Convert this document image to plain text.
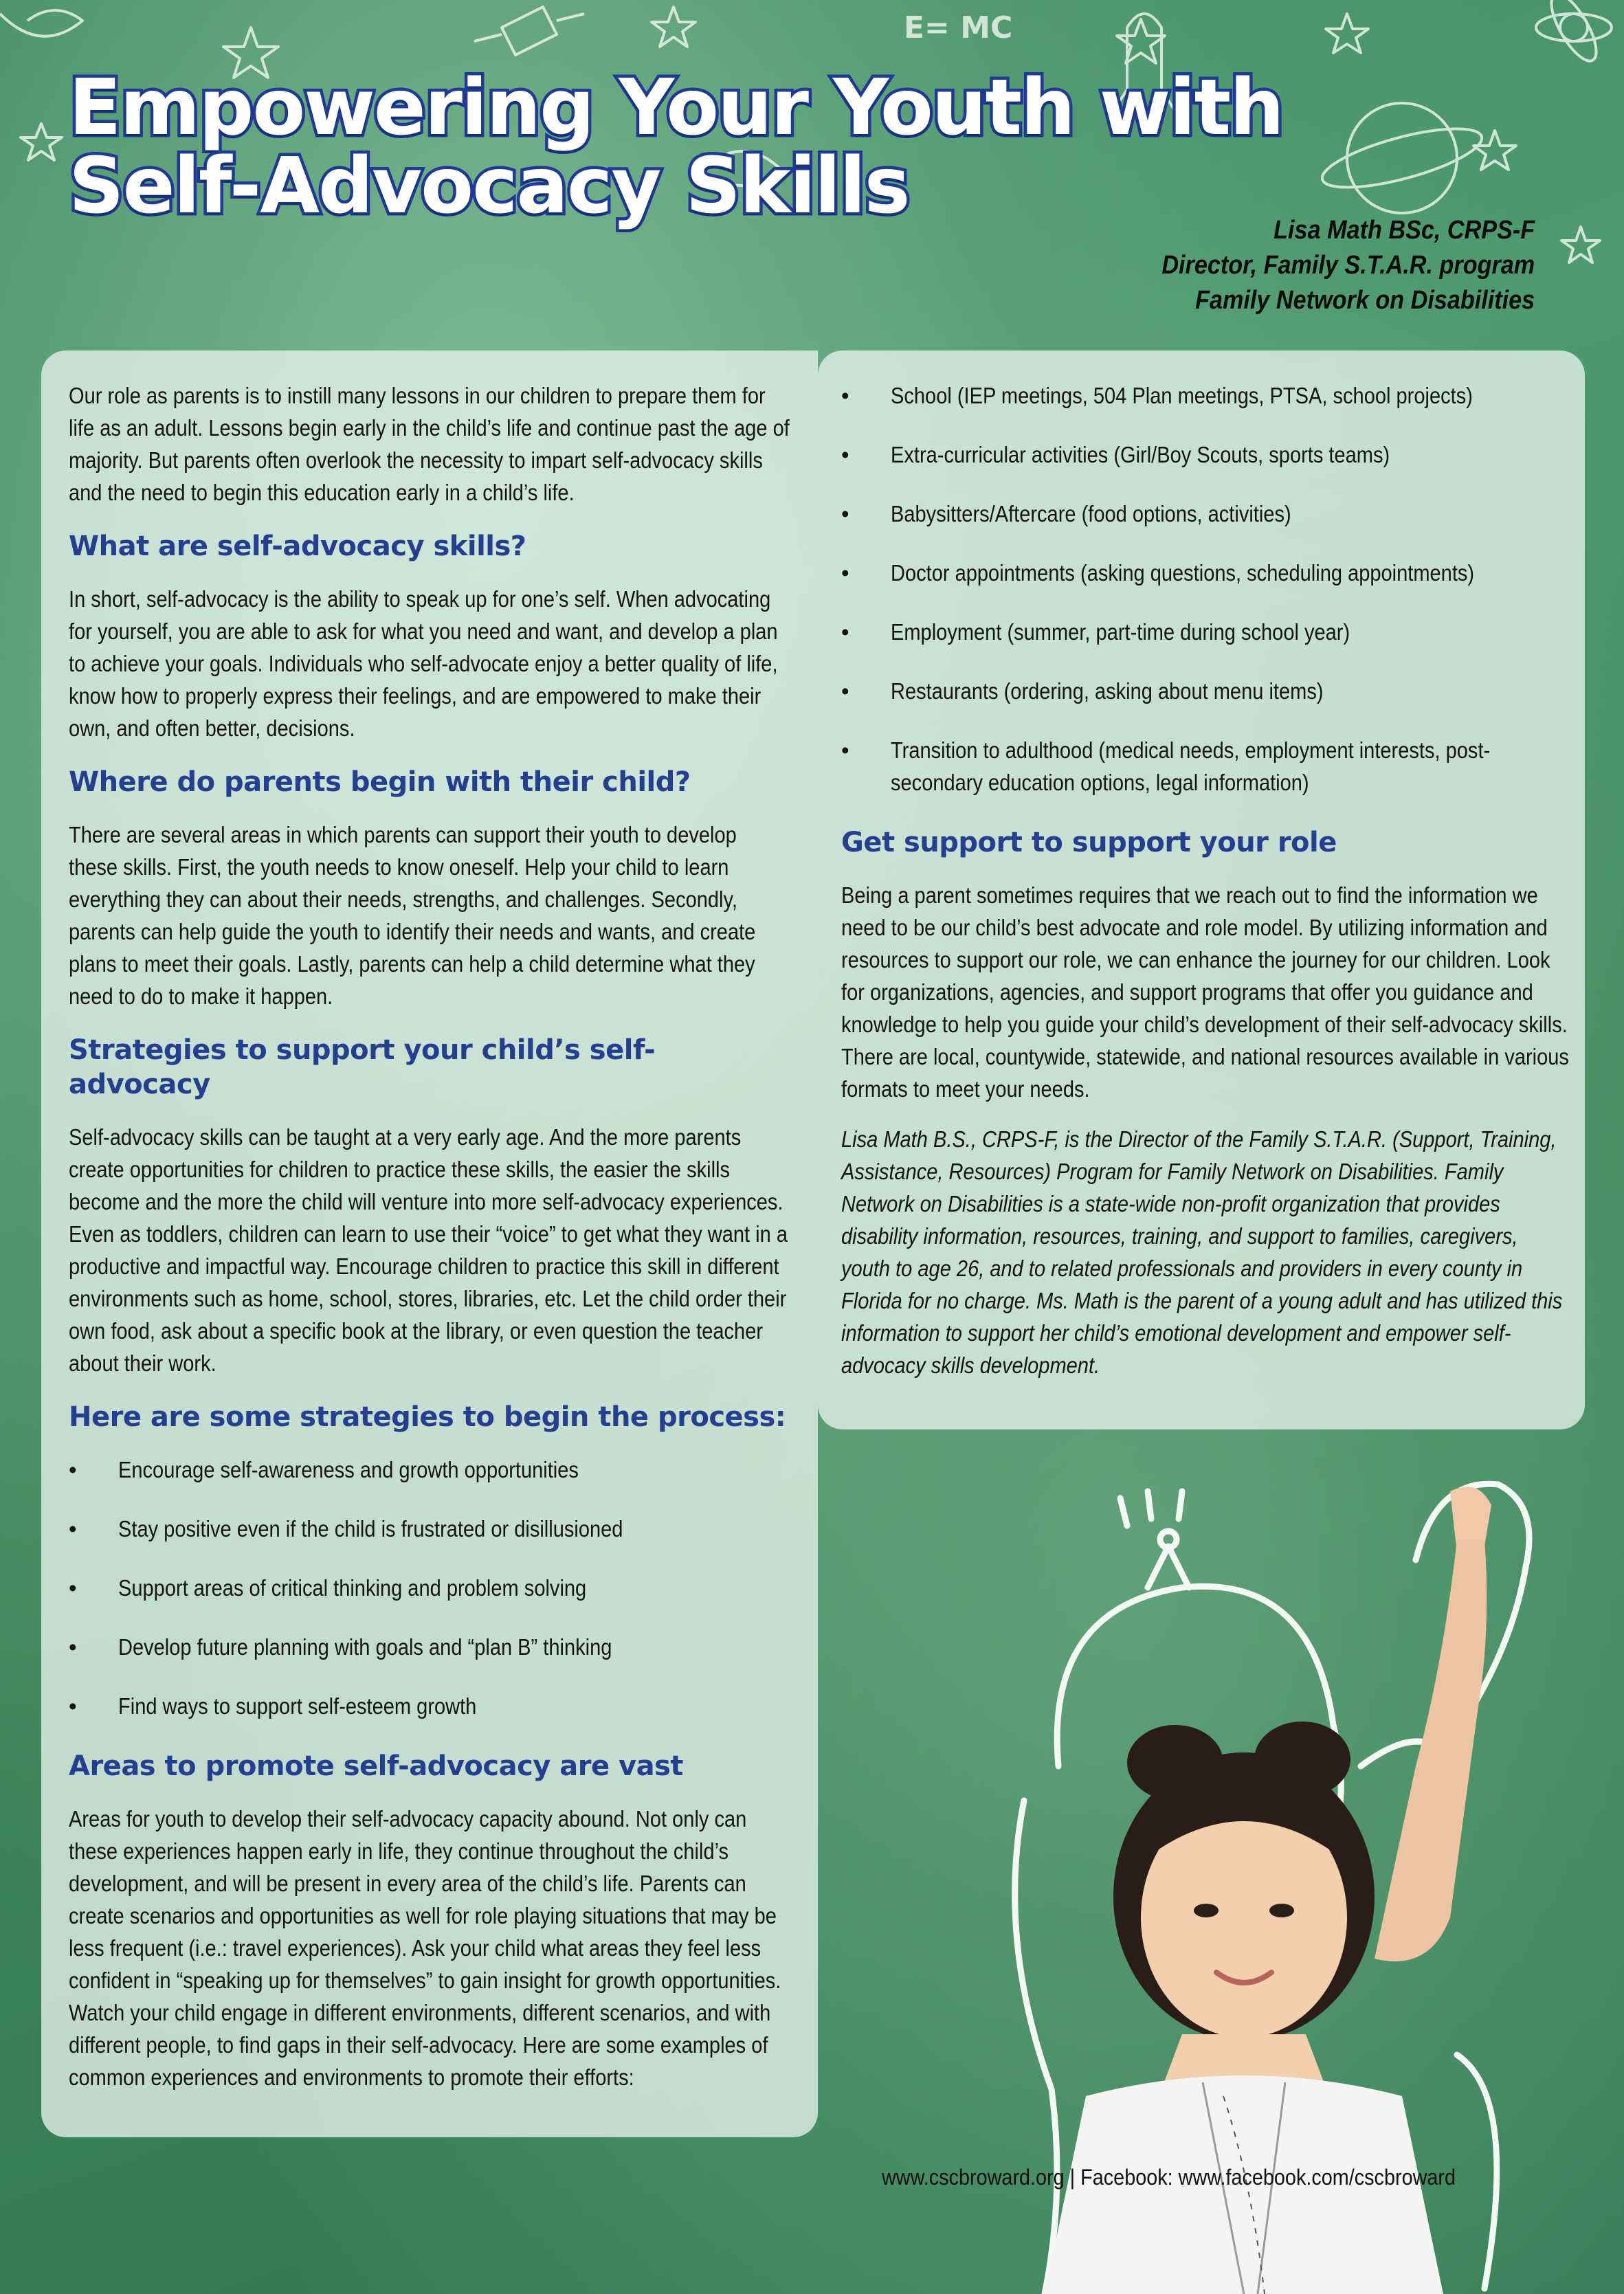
E= MC
Empowering Your Youth with
Self-Advocacy Skills	Lisa Math BSc, CRPS-F
Director, Family S.T.A.R. program
Family Network on Disabilities

Our role as parents is to instill many lessons in our children to prepare them for life as an adult. Lessons begin early in the child’s life and continue past the age of majority. But parents often overlook the necessity to impart self-advocacy skills and the need to begin this education early in a child’s life.

What are self-advocacy skills?

In short, self-advocacy is the ability to speak up for one’s self. When advocating for yourself, you are able to ask for what you need and want, and develop a plan to achieve your goals. Individuals who self-advocate enjoy a better quality of life, know how to properly express their feelings, and are empowered to make their own, and often better, decisions.

Where do parents begin with their child?

There are several areas in which parents can support their youth to develop these skills. First, the youth needs to know oneself. Help your child to learn everything they can about their needs, strengths, and challenges. Secondly, parents can help guide the youth to identify their needs and wants, and create plans to meet their goals. Lastly, parents can help a child determine what they need to do to make it happen.

Strategies to support your child’s self-advocacy

Self-advocacy skills can be taught at a very early age. And the more parents create opportunities for children to practice these skills, the easier the skills become and the more the child will venture into more self-advocacy experiences. Even as toddlers, children can learn to use their “voice” to get what they want in a productive and impactful way. Encourage children to practice this skill in different environments such as home, school, stores, libraries, etc. Let the child order their own food, ask about a specific book at the library, or even question the teacher about their work.

Here are some strategies to begin the process:
• Encourage self-awareness and growth opportunities
• Stay positive even if the child is frustrated or disillusioned
• Support areas of critical thinking and problem solving
• Develop future planning with goals and “plan B” thinking
• Find ways to support self-esteem growth
Areas to promote self-advocacy are vast

Areas for youth to develop their self-advocacy capacity abound. Not only can these experiences happen early in life, they continue throughout the child’s development, and will be present in every area of the child’s life. Parents can create scenarios and opportunities as well for role playing situations that may be less frequent (i.e.: travel experiences). Ask your child what areas they feel less confident in “speaking up for themselves” to gain insight for growth opportunities. Watch your child engage in different environments, different scenarios, and with different people, to find gaps in their self-advocacy. Here are some examples of common experiences and environments to promote their efforts:

• School (IEP meetings, 504 Plan meetings, PTSA, school projects)
• Extra-curricular activities (Girl/Boy Scouts, sports teams)
• Babysitters/Aftercare (food options, activities)
• Doctor appointments (asking questions, scheduling appointments)
• Employment (summer, part-time during school year)
• Restaurants (ordering, asking about menu items)
• Transition to adulthood (medical needs, employment interests, post-secondary education options, legal information)
Get support to support your role

Being a parent sometimes requires that we reach out to find the information we need to be our child’s best advocate and role model. By utilizing information and resources to support our role, we can enhance the journey for our children. Look for organizations, agencies, and support programs that offer you guidance and knowledge to help you guide your child’s development of their self-advocacy skills. There are local, countywide, statewide, and national resources available in various formats to meet your needs.

Lisa Math B.S., CRPS-F, is the Director of the Family S.T.A.R. (Support, Training, Assistance, Resources) Program for Family Network on Disabilities. Family Network on Disabilities is a state-wide non-profit organization that provides disability information, resources, training, and support to families, caregivers, youth to age 26, and to related professionals and providers in every county in Florida for no charge. Ms. Math is the parent of a young adult and has utilized this information to support her child’s emotional development and empower self-advocacy skills development.

www.cscbroward.org | Facebook: www.facebook.com/cscbroward
